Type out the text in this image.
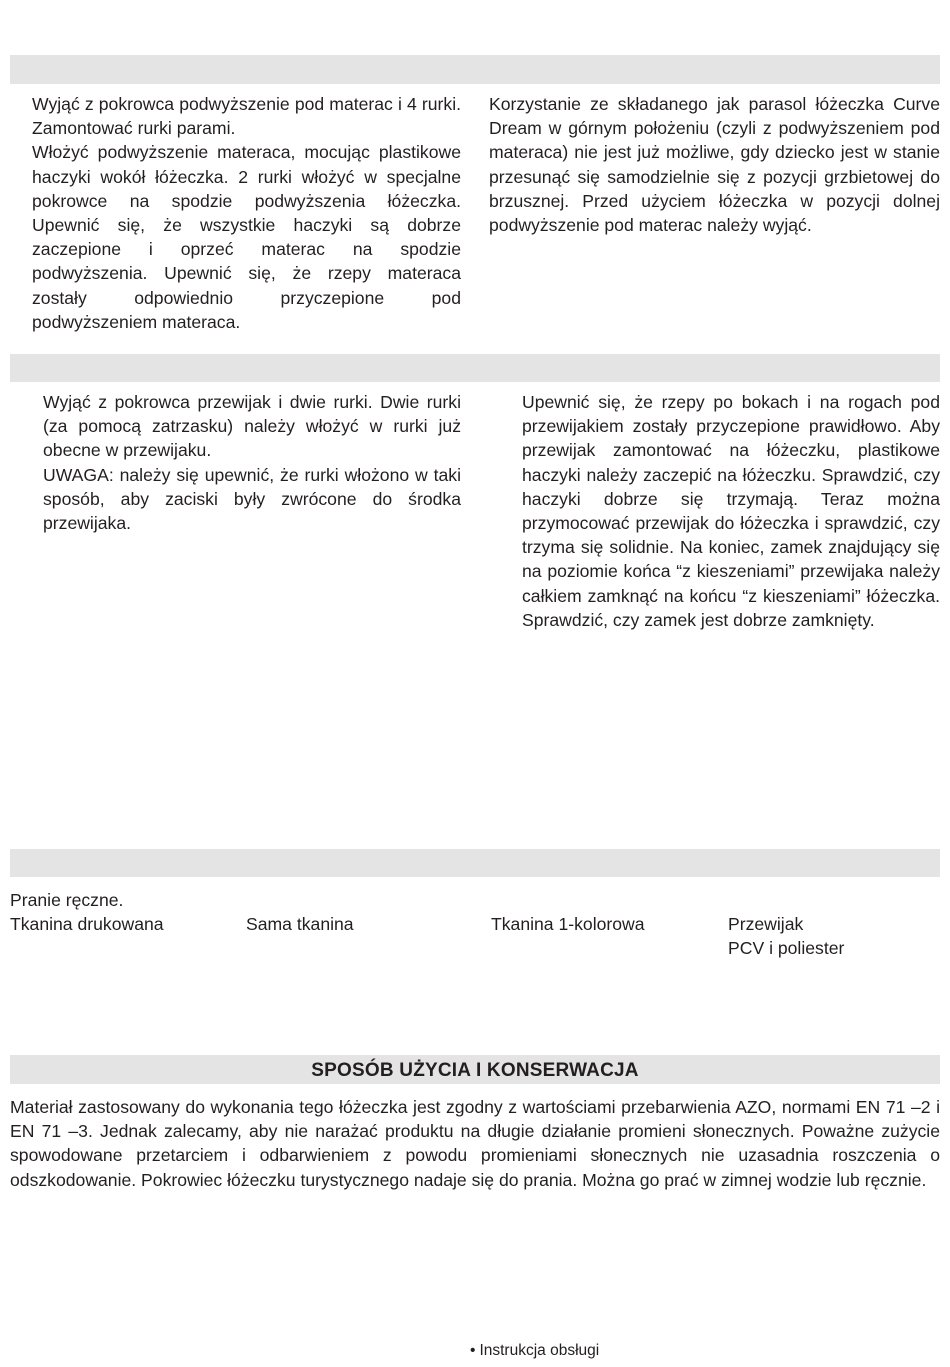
Wyjąć z pokrowca podwyższenie pod materac i 4 rurki. Zamontować rurki parami.

Włożyć podwyższenie materaca, mocując plastikowe haczyki wokół łóżeczka. 2 rurki włożyć w specjalne pokrowce na spodzie podwyższenia łóżeczka. Upewnić się, że wszystkie haczyki są dobrze zaczepione i oprzeć materac na spodzie podwyższenia. Upewnić się, że rzepy materaca zostały odpowiednio przyczepione pod podwyższeniem materaca.

Korzystanie ze składanego jak parasol łóżeczka Curve Dream w górnym położeniu (czyli z podwyższeniem pod materaca) nie jest już możliwe, gdy dziecko jest w stanie przesunąć się samodzielnie się z pozycji grzbietowej do brzusznej. Przed użyciem łóżeczka w pozycji dolnej podwyższenie pod materac należy wyjąć.

Wyjąć z pokrowca przewijak i dwie rurki. Dwie rurki (za pomocą zatrzasku) należy włożyć w rurki już obecne w przewijaku.

UWAGA: należy się upewnić, że rurki włożono w taki sposób, aby zaciski były zwrócone do środka przewijaka.

Upewnić się, że rzepy po bokach i na rogach pod przewijakiem zostały przyczepione prawidłowo. Aby przewijak zamontować na łóżeczku, plastikowe haczyki należy zaczepić na łóżeczku. Sprawdzić, czy haczyki dobrze się trzymają. Teraz można przymocować przewijak do łóżeczka i sprawdzić, czy trzyma się solidnie. Na koniec, zamek znajdujący się na poziomie końca “z kieszeniami” przewijaka należy całkiem zamknąć na końcu “z kieszeniami” łóżeczka. Sprawdzić, czy zamek jest dobrze zamknięty.

Pranie ręczne.
Tkanina drukowana	Sama tkanina	Tkanina 1-kolorowa	Przewijak
PCV i poliester
SPOSÓB UŻYCIA I KONSERWACJA

Materiał zastosowany do wykonania tego łóżeczka jest zgodny z wartościami przebarwienia AZO, normami EN 71 –2 i EN 71 –3. Jednak zalecamy, aby nie narażać produktu na długie działanie promieni słonecznych. Poważne zużycie spowodowane przetarciem i odbarwieniem z powodu promieniami słonecznych nie uzasadnia roszczenia o odszkodowanie. Pokrowiec łóżeczku turystycznego nadaje się do prania. Można go prać w zimnej wodzie lub ręcznie.

• Instrukcja obsługi
